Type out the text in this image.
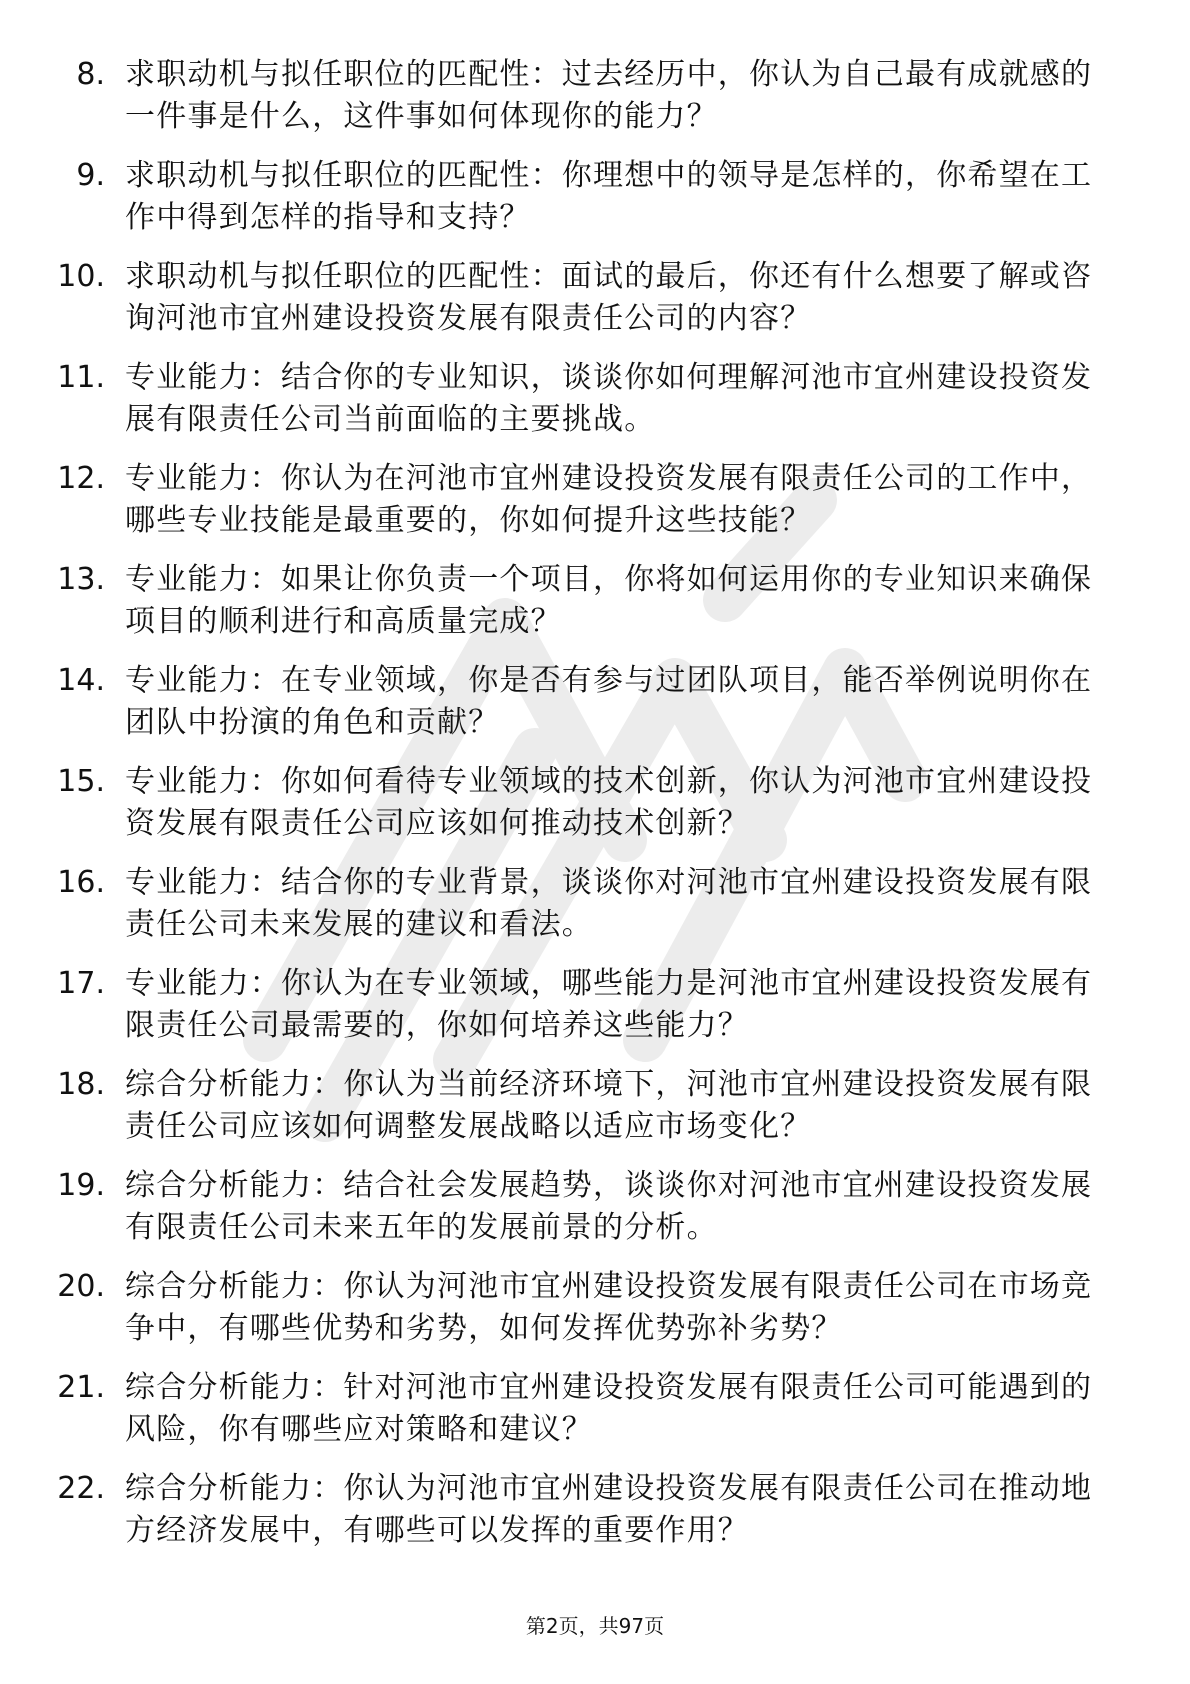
8. 求职动机与拟任职位的匹配性：过去经历中，你认为自己最有成就感的一件事是什么，这件事如何体现你的能力？
9. 求职动机与拟任职位的匹配性：你理想中的领导是怎样的，你希望在工作中得到怎样的指导和支持？
10. 求职动机与拟任职位的匹配性：面试的最后，你还有什么想要了解或咨询河池市宜州建设投资发展有限责任公司的内容？
11. 专业能力：结合你的专业知识，谈谈你如何理解河池市宜州建设投资发展有限责任公司当前面临的主要挑战。
12. 专业能力：你认为在河池市宜州建设投资发展有限责任公司的工作中，哪些专业技能是最重要的，你如何提升这些技能？
13. 专业能力：如果让你负责一个项目，你将如何运用你的专业知识来确保项目的顺利进行和高质量完成？
14. 专业能力：在专业领域，你是否有参与过团队项目，能否举例说明你在团队中扮演的角色和贡献？
15. 专业能力：你如何看待专业领域的技术创新，你认为河池市宜州建设投资发展有限责任公司应该如何推动技术创新？
16. 专业能力：结合你的专业背景，谈谈你对河池市宜州建设投资发展有限责任公司未来发展的建议和看法。
17. 专业能力：你认为在专业领域，哪些能力是河池市宜州建设投资发展有限责任公司最需要的，你如何培养这些能力？
18. 综合分析能力：你认为当前经济环境下，河池市宜州建设投资发展有限责任公司应该如何调整发展战略以适应市场变化？
19. 综合分析能力：结合社会发展趋势，谈谈你对河池市宜州建设投资发展有限责任公司未来五年的发展前景的分析。
20. 综合分析能力：你认为河池市宜州建设投资发展有限责任公司在市场竞争中，有哪些优势和劣势，如何发挥优势弥补劣势？
21. 综合分析能力：针对河池市宜州建设投资发展有限责任公司可能遇到的风险，你有哪些应对策略和建议？
22. 综合分析能力：你认为河池市宜州建设投资发展有限责任公司在推动地方经济发展中，有哪些可以发挥的重要作用？
第2页，共97页
